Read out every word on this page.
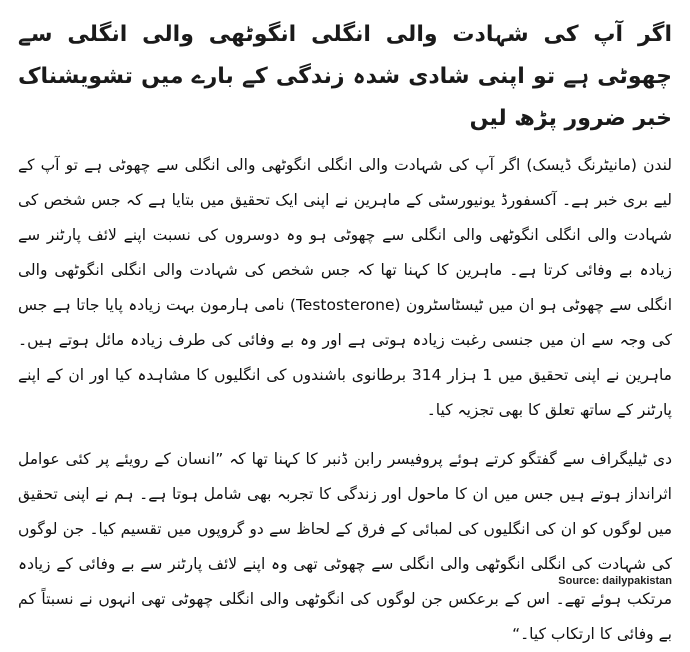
اگر آپ کی شہادت والی انگلی انگوٹھی والی انگلی سے چھوٹی ہے تو اپنی شادی شدہ زندگی کے بارے میں تشویشناک خبر ضرور پڑھ لیں

لندن (مانیٹرنگ ڈیسک) اگر آپ کی شہادت والی انگلی انگوٹھی والی انگلی سے چھوٹی ہے تو آپ کے لیے بری خبر ہے۔ آکسفورڈ یونیورسٹی کے ماہرین نے اپنی ایک تحقیق میں بتایا ہے کہ جس شخص کی شہادت والی انگلی انگوٹھی والی انگلی سے چھوٹی ہو وہ دوسروں کی نسبت اپنے لائف پارٹنر سے زیادہ بے وفائی کرتا ہے۔ ماہرین کا کہنا تھا کہ جس شخص کی شہادت والی انگلی انگوٹھی والی انگلی سے چھوٹی ہو ان میں ٹیسٹاسٹرون (Testosterone) نامی ہارمون بہت زیادہ پایا جاتا ہے جس کی وجہ سے ان میں جنسی رغبت زیادہ ہوتی ہے اور وہ بے وفائی کی طرف زیادہ مائل ہوتے ہیں۔ ماہرین نے اپنی تحقیق میں 1 ہزار 314 برطانوی باشندوں کی انگلیوں کا مشاہدہ کیا اور ان کے اپنے پارٹنر کے ساتھ تعلق کا بھی تجزیہ کیا۔

دی ٹیلیگراف سے گفتگو کرتے ہوئے پروفیسر رابن ڈنبر کا کہنا تھا کہ ”انسان کے رویئے پر کئی عوامل اثرانداز ہوتے ہیں جس میں ان کا ماحول اور زندگی کا تجربہ بھی شامل ہوتا ہے۔ ہم نے اپنی تحقیق میں لوگوں کو ان کی انگلیوں کی لمبائی کے فرق کے لحاظ سے دو گروپوں میں تقسیم کیا۔ جن لوگوں کی شہادت کی انگلی انگوٹھی والی انگلی سے چھوٹی تھی وہ اپنے لائف پارٹنر سے بے وفائی کے زیادہ مرتکب ہوئے تھے۔ اس کے برعکس جن لوگوں کی انگوٹھی والی انگلی چھوٹی تھی انہوں نے نسبتاً کم بے وفائی کا ارتکاب کیا۔“

Source: dailypakistan
